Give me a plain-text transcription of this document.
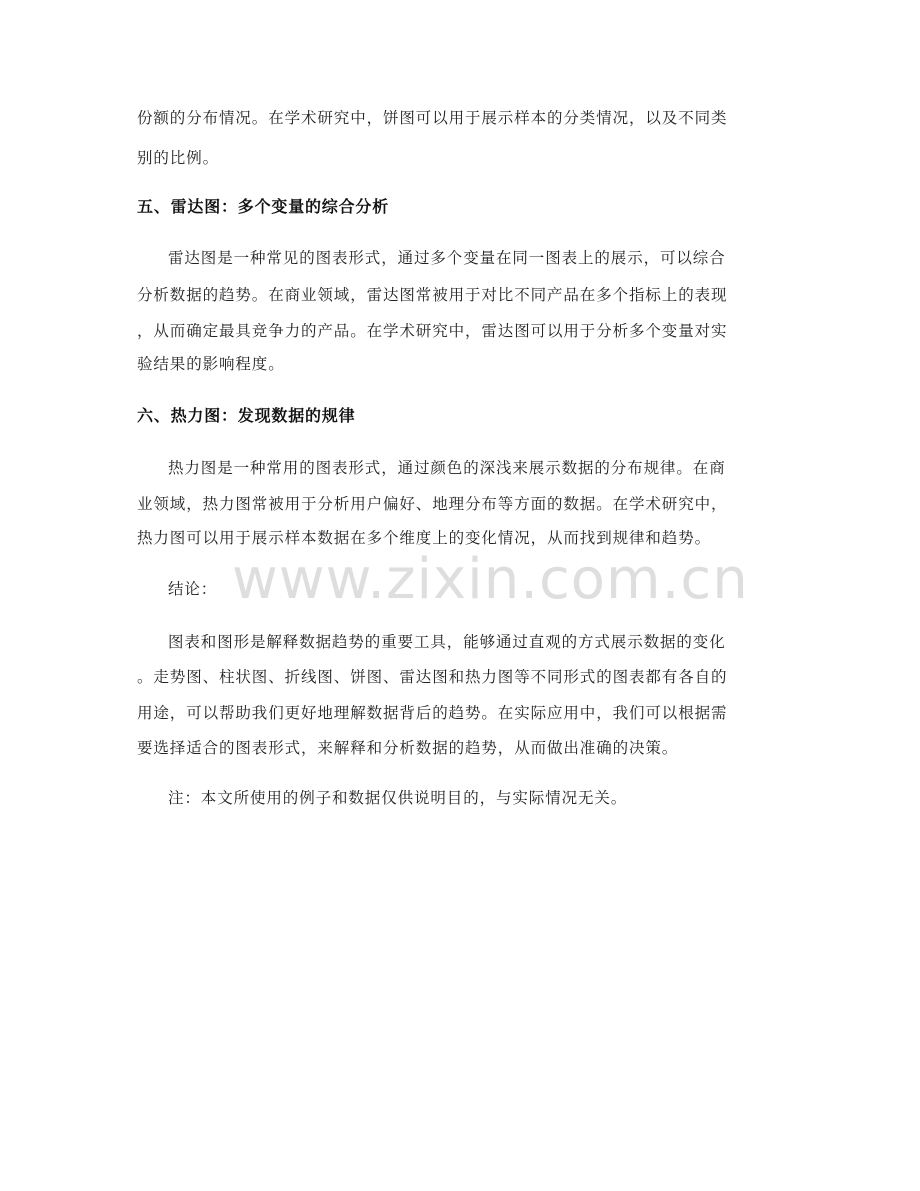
www.zixin.com.cn

份额的分布情况。在学术研究中，饼图可以用于展示样本的分类情况，以及不同类

别的比例。

五、雷达图：多个变量的综合分析

雷达图是一种常见的图表形式，通过多个变量在同一图表上的展示，可以综合

分析数据的趋势。在商业领域，雷达图常被用于对比不同产品在多个指标上的表现

，从而确定最具竞争力的产品。在学术研究中，雷达图可以用于分析多个变量对实

验结果的影响程度。

六、热力图：发现数据的规律

热力图是一种常用的图表形式，通过颜色的深浅来展示数据的分布规律。在商

业领域，热力图常被用于分析用户偏好、地理分布等方面的数据。在学术研究中，

热力图可以用于展示样本数据在多个维度上的变化情况，从而找到规律和趋势。

结论：

图表和图形是解释数据趋势的重要工具，能够通过直观的方式展示数据的变化

。走势图、柱状图、折线图、饼图、雷达图和热力图等不同形式的图表都有各自的

用途，可以帮助我们更好地理解数据背后的趋势。在实际应用中，我们可以根据需

要选择适合的图表形式，来解释和分析数据的趋势，从而做出准确的决策。

注：本文所使用的例子和数据仅供说明目的，与实际情况无关。
